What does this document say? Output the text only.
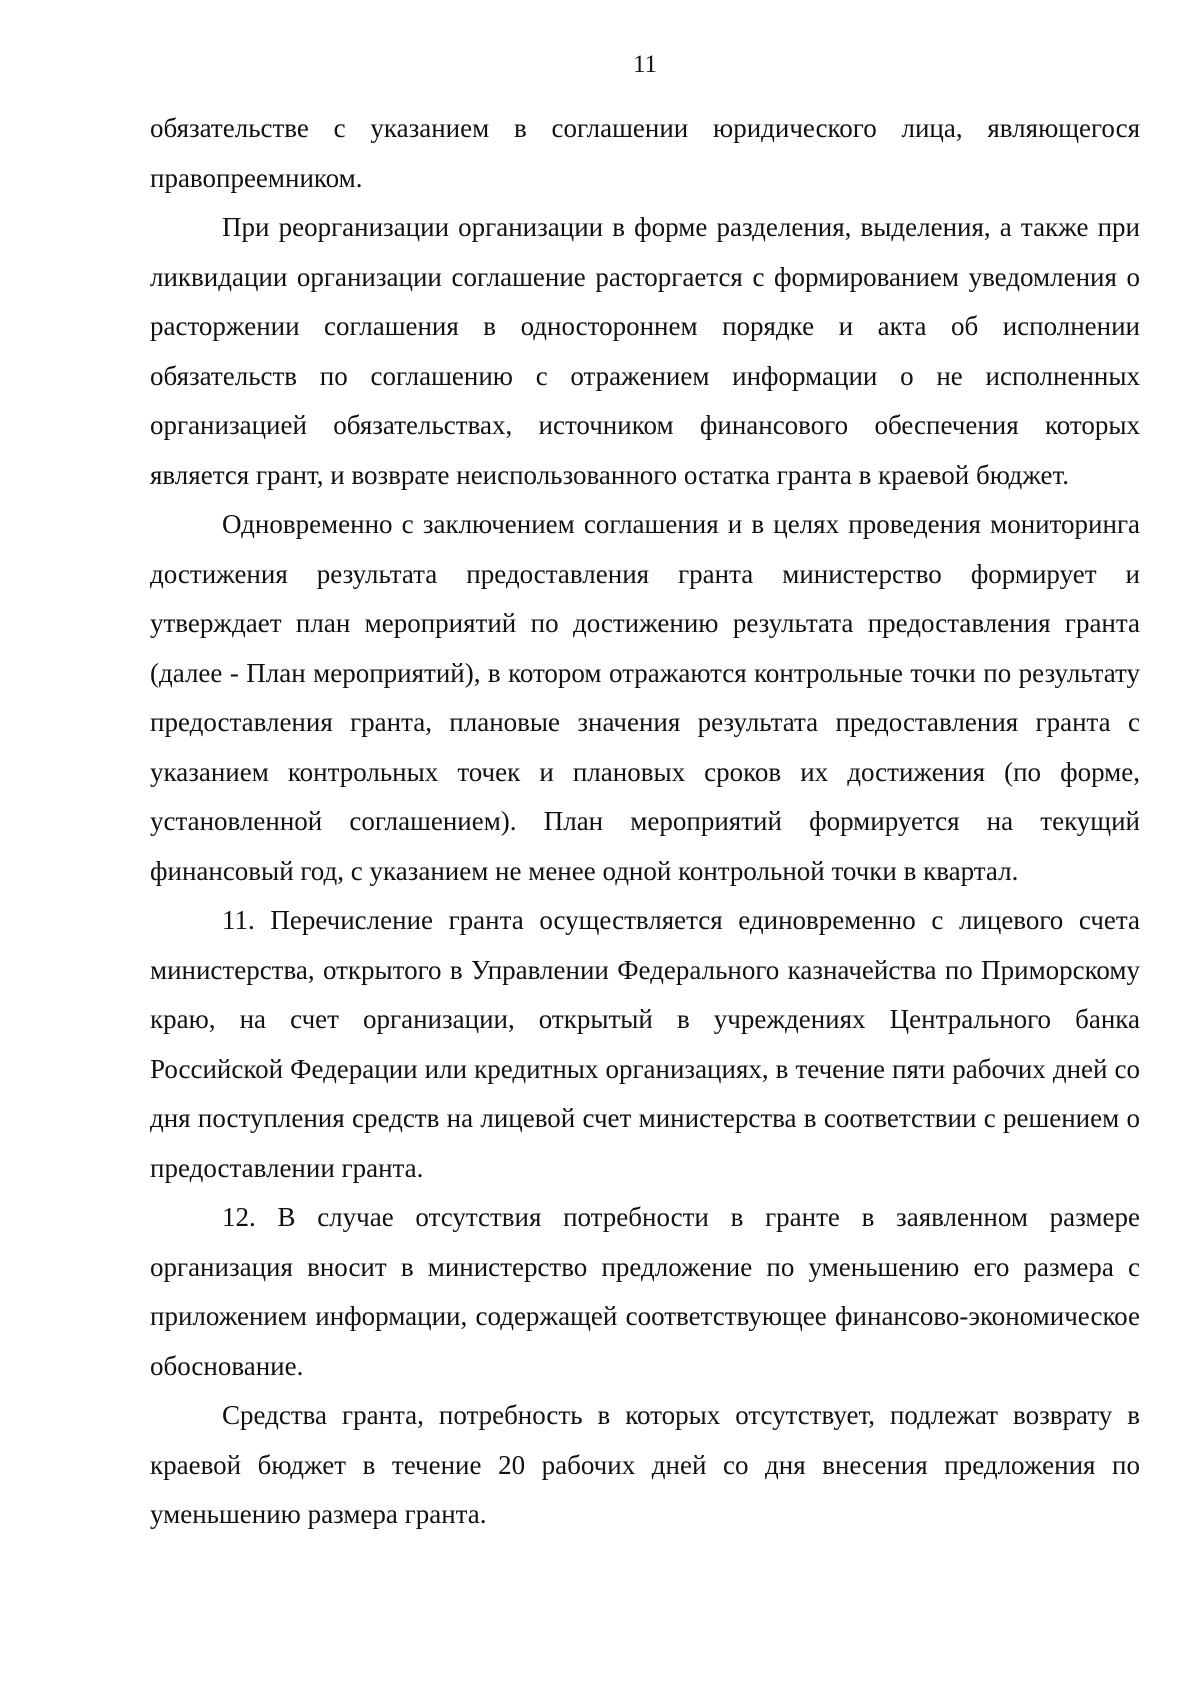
11

обязательстве с указанием в соглашении юридического лица, являющегося правопреемником.

При реорганизации организации в форме разделения, выделения, а также при ликвидации организации соглашение расторгается с формированием уведомления о расторжении соглашения в одностороннем порядке и акта об исполнении обязательств по соглашению с отражением информации о не исполненных организацией обязательствах, источником финансового обеспечения которых является грант, и возврате неиспользованного остатка гранта в краевой бюджет.

Одновременно с заключением соглашения и в целях проведения мониторинга достижения результата предоставления гранта министерство формирует и утверждает план мероприятий по достижению результата предоставления гранта (далее - План мероприятий), в котором отражаются контрольные точки по результату предоставления гранта, плановые значения результата предоставления гранта с указанием контрольных точек и плановых сроков их достижения (по форме, установленной соглашением). План мероприятий формируется на текущий финансовый год, с указанием не менее одной контрольной точки в квартал.

11. Перечисление гранта осуществляется единовременно с лицевого счета министерства, открытого в Управлении Федерального казначейства по Приморскому краю, на счет организации, открытый в учреждениях Центрального банка Российской Федерации или кредитных организациях, в течение пяти рабочих дней со дня поступления средств на лицевой счет министерства в соответствии с решением о предоставлении гранта.

12. В случае отсутствия потребности в гранте в заявленном размере организация вносит в министерство предложение по уменьшению его размера с приложением информации, содержащей соответствующее финансово-экономическое обоснование.

Средства гранта, потребность в которых отсутствует, подлежат возврату в краевой бюджет в течение 20 рабочих дней со дня внесения предложения по уменьшению размера гранта.
